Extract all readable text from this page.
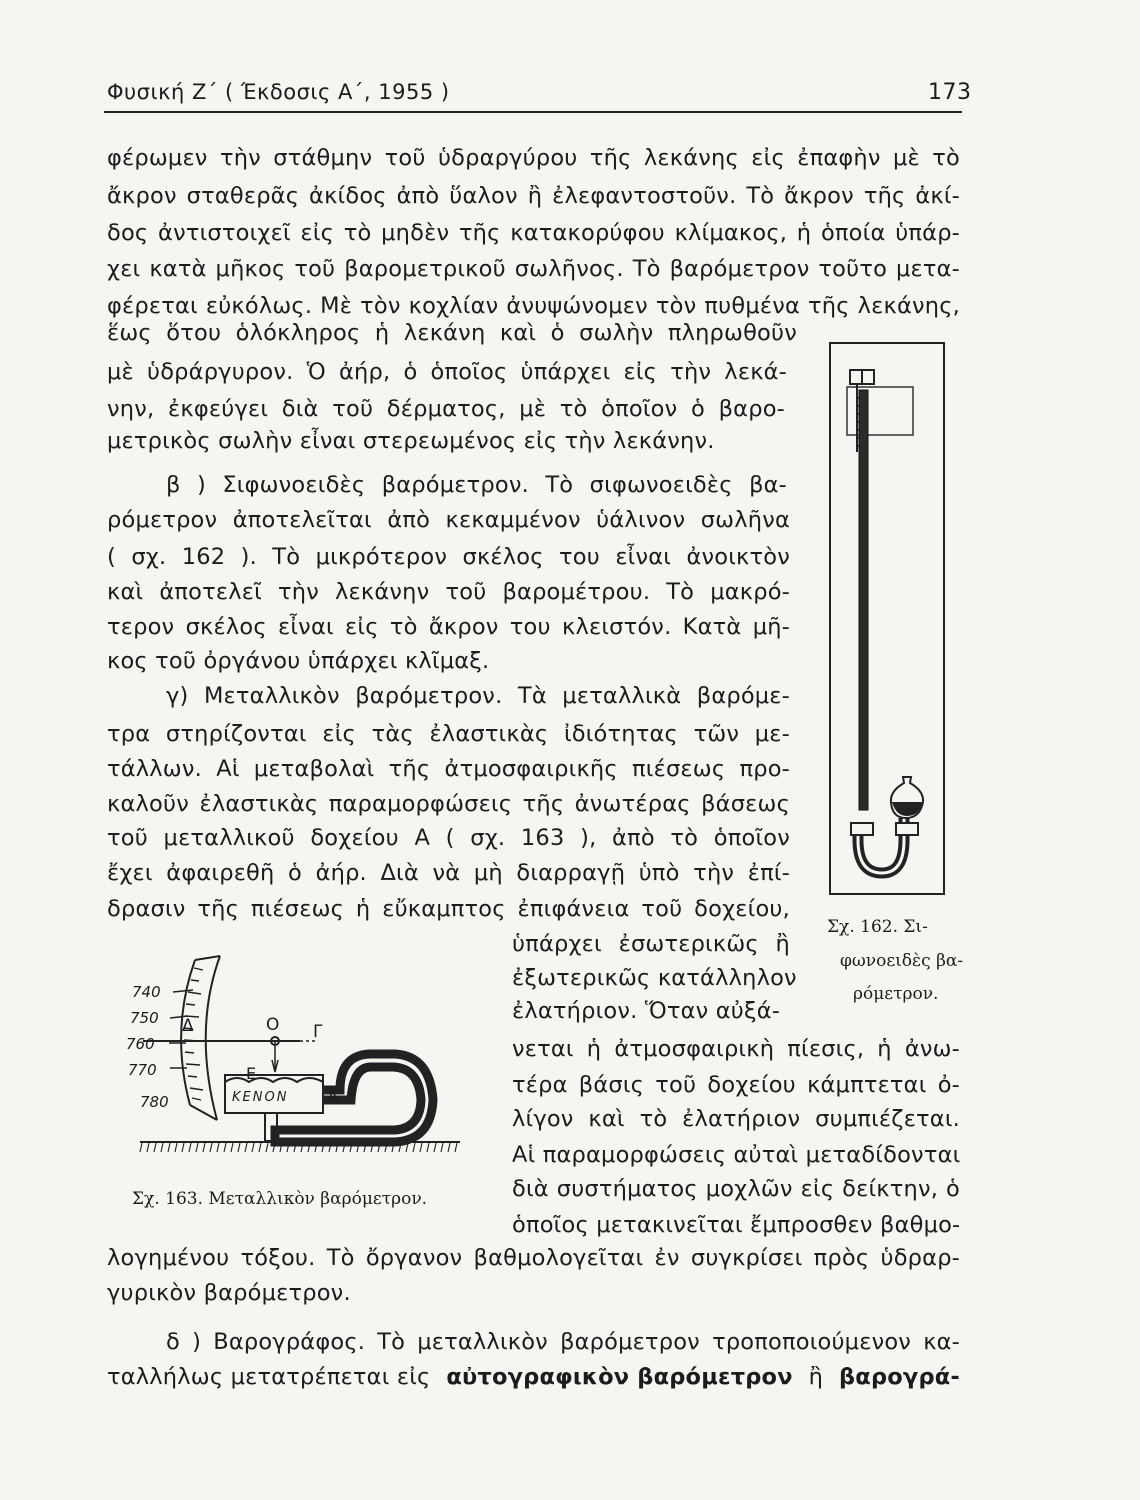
Φυσική Ζ΄ ( Έκδοσις Α΄, 1955 )	173
φέρωμεν τὴν στάθμην τοῦ ὑδραργύρου τῆς λεκάνης εἰς ἐπαφὴν μὲ τὸ
ἄκρον σταθερᾶς ἀκίδος ἀπὸ ὕαλον ἢ ἐλεφαντοστοῦν. Τὸ ἄκρον τῆς ἀκί-
δος ἀντιστοιχεῖ εἰς τὸ μηδὲν τῆς κατακορύφου κλίμακος, ἡ ὁποία ὑπάρ-
χει κατὰ μῆκος τοῦ βαρομετρικοῦ σωλῆνος. Τὸ βαρόμετρον τοῦτο μετα-
φέρεται εὐκόλως. Μὲ τὸν κοχλίαν ἀνυψώνομεν τὸν πυθμένα τῆς λεκάνης,
ἕως ὅτου ὁλόκληρος ἡ λεκάνη καὶ ὁ σωλὴν πληρωθοῦν
μὲ ὑδράργυρον. Ὁ ἀήρ, ὁ ὁποῖος ὑπάρχει εἰς τὴν λεκά-
νην, ἐκφεύγει διὰ τοῦ δέρματος, μὲ τὸ ὁποῖον ὁ βαρο-
μετρικὸς σωλὴν εἶναι στερεωμένος εἰς τὴν λεκάνην.
β ) Σιφωνοειδὲς βαρόμετρον. Τὸ σιφωνοειδὲς βα-
ρόμετρον ἀποτελεῖται ἀπὸ κεκαμμένον ὑάλινον σωλῆνα
( σχ. 162 ). Τὸ μικρότερον σκέλος του εἶναι ἀνοικτὸν
καὶ ἀποτελεῖ τὴν λεκάνην τοῦ βαρομέτρου. Τὸ μακρό-
τερον σκέλος εἶναι εἰς τὸ ἄκρον του κλειστόν. Κατὰ μῆ-
κος τοῦ ὀργάνου ὑπάρχει κλῖμαξ.
γ) Μεταλλικὸν βαρόμετρον. Τὰ μεταλλικὰ βαρόμε-
τρα στηρίζονται εἰς τὰς ἐλαστικὰς ἰδιότητας τῶν με-
τάλλων. Αἱ μεταβολαὶ τῆς ἀτμοσφαιρικῆς πιέσεως προ-
καλοῦν ἐλαστικὰς παραμορφώσεις τῆς ἀνωτέρας βάσεως
τοῦ μεταλλικοῦ δοχείου Α ( σχ. 163 ), ἀπὸ τὸ ὁποῖον
ἔχει ἀφαιρεθῆ ὁ ἀήρ. Διὰ νὰ μὴ διαρραγῇ ὑπὸ τὴν ἐπί-
δρασιν τῆς πιέσεως ἡ εὔκαμπτος ἐπιφάνεια τοῦ δοχείου,
ὑπάρχει ἐσωτερικῶς ἢ
ἐξωτερικῶς κατάλληλον
ἐλατήριον. Ὅταν αὐξά-
νεται ἡ ἀτμοσφαιρικὴ πίεσις, ἡ ἀνω-
τέρα βάσις τοῦ δοχείου κάμπτεται ὀ-
λίγον καὶ τὸ ἐλατήριον συμπιέζεται.
Αἱ παραμορφώσεις αὐταὶ μεταδίδονται
διὰ συστήματος μοχλῶν εἰς δείκτην, ὁ
ὁποῖος μετακινεῖται ἔμπροσθεν βαθμο-
λογημένου τόξου. Τὸ ὄργανον βαθμολογεῖται ἐν συγκρίσει πρὸς ὑδραρ-
γυρικὸν βαρόμετρον.
δ ) Βαρογράφος. Τὸ μεταλλικὸν βαρόμετρον τροποποιούμενον κα-
ταλλήλως μετατρέπεται εἰς αὐτογραφικὸν βαρόμετρον ἢ βαρογρά-
Σχ. 162. Σι-
φωνοειδὲς βα-
ρόμετρον.
740
750
760
770
780
Δ	Ο Γ
Ε
ΚΕΝΟΝ Α
Σχ. 163. Μεταλλικὸν βαρόμετρον.
